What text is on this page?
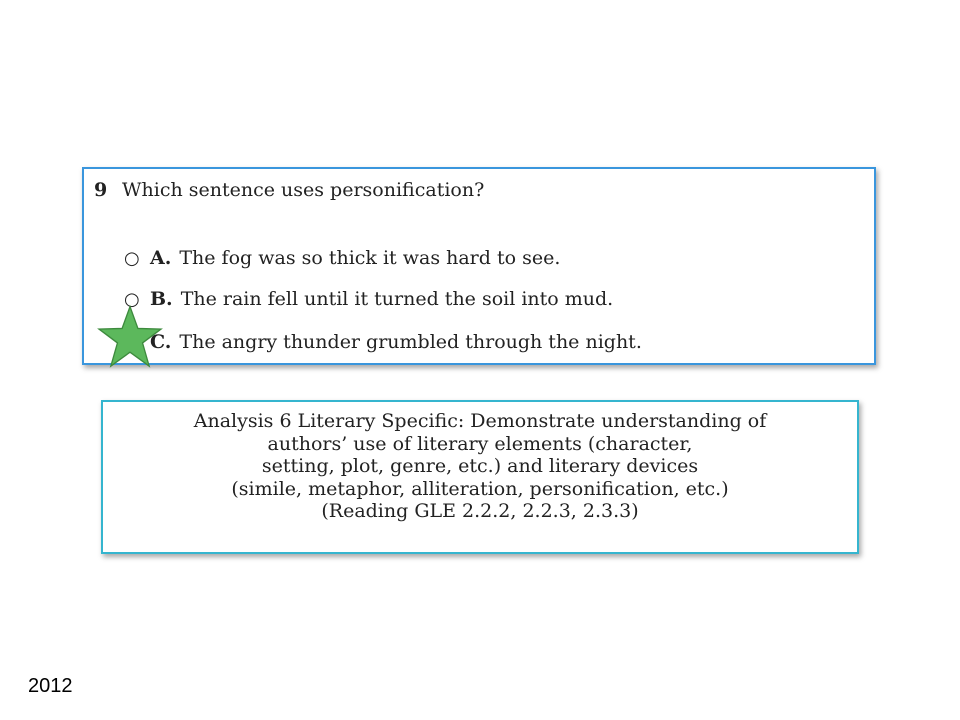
9 Which sentence uses personification?
○ A. The fog was so thick it was hard to see.
○ B. The rain fell until it turned the soil into mud.
C. The angry thunder grumbled through the night.
Analysis 6 Literary Specific: Demonstrate understanding of
authors’ use of literary elements (character,
setting, plot, genre, etc.) and literary devices
(simile, metaphor, alliteration, personification, etc.)
(Reading GLE 2.2.2, 2.2.3, 2.3.3)
2012
